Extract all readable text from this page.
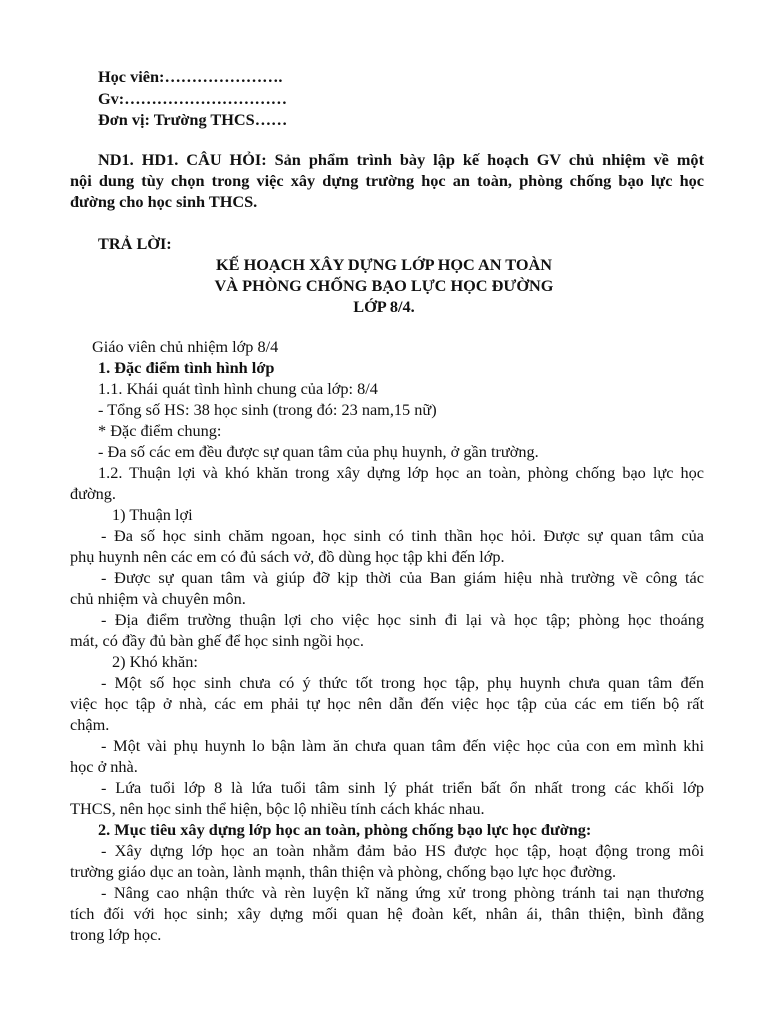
Học viên:………………….
Gv:…………………………
Đơn vị: Trường THCS……
ND1. HD1. CÂU HỎI: Sản phẩm trình bày lập kế hoạch GV chủ nhiệm về một
nội dung tùy chọn trong việc xây dựng trường học an toàn, phòng chống bạo lực học
đường cho học sinh THCS.
TRẢ LỜI:
KẾ HOẠCH XÂY DỰNG LỚP HỌC AN TOÀN
VÀ PHÒNG CHỐNG BẠO LỰC HỌC ĐƯỜNG
LỚP 8/4.
Giáo viên chủ nhiệm lớp 8/4
1. Đặc điểm tình hình lớp
1.1. Khái quát tình hình chung của lớp: 8/4
- Tổng số HS: 38 học sinh (trong đó: 23 nam,15 nữ)
* Đặc điểm chung:
- Đa số các em đều được sự quan tâm của phụ huynh, ở gần trường.
1.2. Thuận lợi và khó khăn trong xây dựng lớp học an toàn, phòng chống bạo lực học
đường.
1) Thuận lợi
- Đa số học sinh chăm ngoan, học sinh có tinh thần học hỏi. Được sự quan tâm của
phụ huynh nên các em có đủ sách vở, đồ dùng học tập khi đến lớp.
- Được sự quan tâm và giúp đỡ kịp thời của Ban giám hiệu nhà trường về công tác
chủ nhiệm và chuyên môn.
- Địa điểm trường thuận lợi cho việc học sinh đi lại và học tập; phòng học thoáng
mát, có đầy đủ bàn ghế để học sinh ngồi học.
2) Khó khăn:
- Một số học sinh chưa có ý thức tốt trong học tập, phụ huynh chưa quan tâm đến
việc học tập ở nhà, các em phải tự học nên dẫn đến việc học tập của các em tiến bộ rất
chậm.
- Một vài phụ huynh lo bận làm ăn chưa quan tâm đến việc học của con em mình khi
học ở nhà.
- Lứa tuổi lớp 8 là lứa tuổi tâm sinh lý phát triển bất ổn nhất trong các khối lớp
THCS, nên học sinh thể hiện, bộc lộ nhiều tính cách khác nhau.
2. Mục tiêu xây dựng lớp học an toàn, phòng chống bạo lực học đường:
- Xây dựng lớp học an toàn nhằm đảm bảo HS được học tập, hoạt động trong môi
trường giáo dục an toàn, lành mạnh, thân thiện và phòng, chống bạo lực học đường.
- Nâng cao nhận thức và rèn luyện kĩ năng ứng xử trong phòng tránh tai nạn thương
tích đối với học sinh; xây dựng mối quan hệ đoàn kết, nhân ái, thân thiện, bình đẳng
trong lớp học.
